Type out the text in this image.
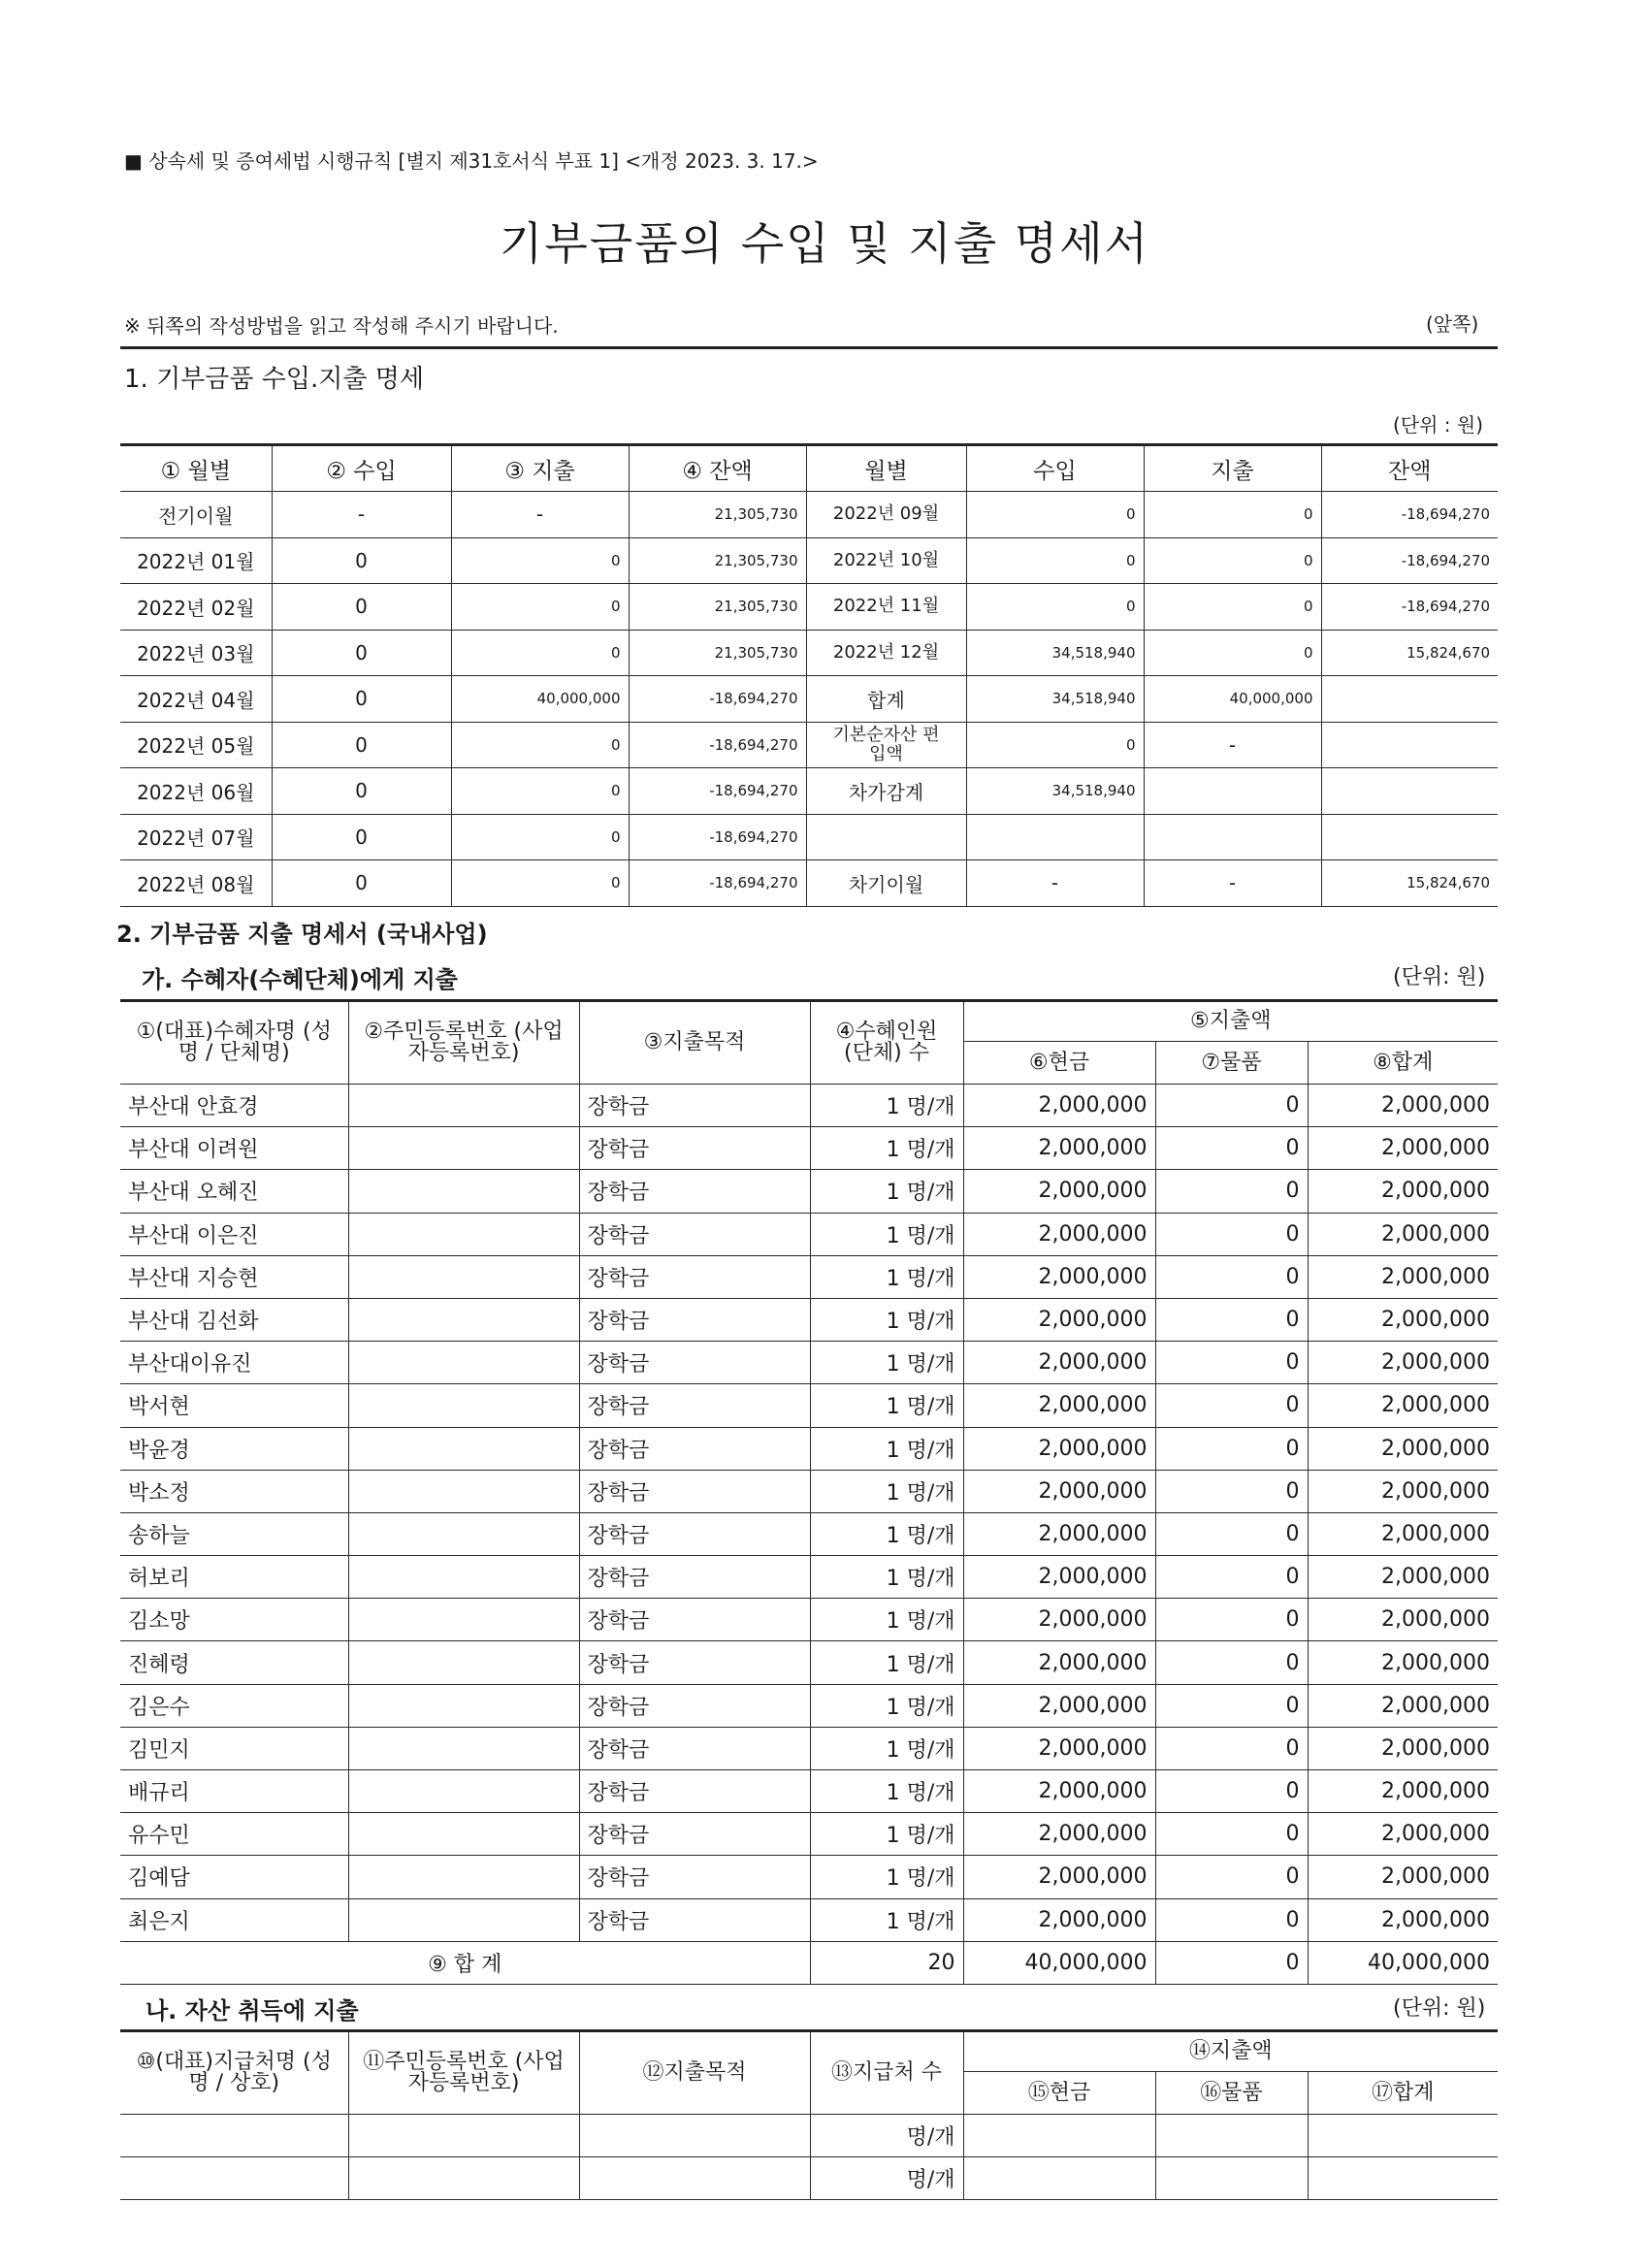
■ 상속세 및 증여세법 시행규칙 [별지 제31호서식 부표 1] <개정 2023. 3. 17.>
기부금품의 수입 및 지출 명세서
※ 뒤쪽의 작성방법을 읽고 작성해 주시기 바랍니다.	(앞쪽)
1. 기부금품 수입.지출 명세
(단위 : 원)
① 월별	② 수입	③ 지출	④ 잔액	월별	수입	지출	잔액
전기이월	-	-	21,305,730	2022년 09월	0	0	-18,694,270
2022년 01월	0	0	21,305,730	2022년 10월	0	0	-18,694,270
2022년 02월	0	0	21,305,730	2022년 11월	0	0	-18,694,270
2022년 03월	0	0	21,305,730	2022년 12월	34,518,940	0	15,824,670
2022년 04월	0	40,000,000	-18,694,270	합계	34,518,940	40,000,000	
2022년 05월	0	0	-18,694,270	기본순자산 편입액	0	-	
2022년 06월	0	0	-18,694,270	차가감계	34,518,940		
2022년 07월	0	0	-18,694,270				
2022년 08월	0	0	-18,694,270	차기이월	-	-	15,824,670
2. 기부금품 지출 명세서 (국내사업)
가. 수혜자(수혜단체)에게 지출	(단위: 원)
①(대표)수혜자명 (성명 / 단체명)	②주민등록번호 (사업자등록번호)	③지출목적	④수혜인원 (단체) 수	⑤지출액		
				⑥현금	⑦물품	⑧합계
부산대 안효경		장학금	1 명/개	2,000,000	0	2,000,000
부산대 이려원		장학금	1 명/개	2,000,000	0	2,000,000
부산대 오혜진		장학금	1 명/개	2,000,000	0	2,000,000
부산대 이은진		장학금	1 명/개	2,000,000	0	2,000,000
부산대 지승현		장학금	1 명/개	2,000,000	0	2,000,000
부산대 김선화		장학금	1 명/개	2,000,000	0	2,000,000
부산대이유진		장학금	1 명/개	2,000,000	0	2,000,000
박서현		장학금	1 명/개	2,000,000	0	2,000,000
박윤경		장학금	1 명/개	2,000,000	0	2,000,000
박소정		장학금	1 명/개	2,000,000	0	2,000,000
송하늘		장학금	1 명/개	2,000,000	0	2,000,000
허보리		장학금	1 명/개	2,000,000	0	2,000,000
김소망		장학금	1 명/개	2,000,000	0	2,000,000
진혜령		장학금	1 명/개	2,000,000	0	2,000,000
김은수		장학금	1 명/개	2,000,000	0	2,000,000
김민지		장학금	1 명/개	2,000,000	0	2,000,000
배규리		장학금	1 명/개	2,000,000	0	2,000,000
유수민		장학금	1 명/개	2,000,000	0	2,000,000
김예담		장학금	1 명/개	2,000,000	0	2,000,000
최은지		장학금	1 명/개	2,000,000	0	2,000,000
⑨ 합 계			20	40,000,000	0	40,000,000
나. 자산 취득에 지출	(단위: 원)
⑩(대표)지급처명 (성명 / 상호)	⑪주민등록번호 (사업자등록번호)	⑫지출목적	⑬지급처 수	⑭지출액		
				⑮현금	⑯물품	⑰합계
			명/개			
			명/개			
